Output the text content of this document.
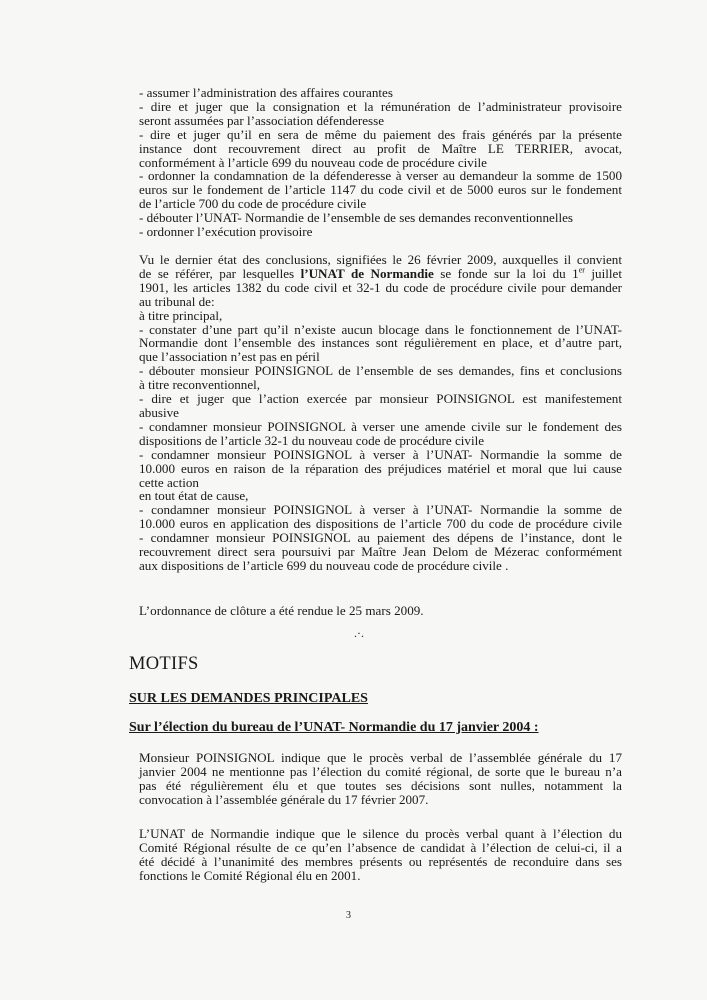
- assumer l’administration des affaires courantes
- dire et juger que la consignation et la rémunération de l’administrateur provisoire
seront assumées par l’association défenderesse
- dire et juger qu’il en sera de même du paiement des frais générés par la présente
instance dont recouvrement direct au profit de Maître LE TERRIER, avocat,
conformément à l’article 699 du nouveau code de procédure civile
- ordonner la condamnation de la défenderesse à verser au demandeur la somme de 1500
euros sur le fondement de l’article 1147 du code civil et de 5000 euros sur le fondement
de l’article 700 du code de procédure civile
- débouter l’UNAT- Normandie de l’ensemble de ses demandes reconventionnelles
- ordonner l’exécution provisoire
Vu le dernier état des conclusions, signifiées le 26 février 2009, auxquelles il convient
de se référer, par lesquelles l’UNAT de Normandie se fonde sur la loi du 1er juillet
1901, les articles 1382 du code civil et 32-1 du code de procédure civile pour demander
au tribunal de:
à titre principal,
- constater d’une part qu’il n’existe aucun blocage dans le fonctionnement de l’UNAT-
Normandie dont l’ensemble des instances sont régulièrement en place, et d’autre part,
que l’association n’est pas en péril
- débouter monsieur POINSIGNOL de l’ensemble de ses demandes, fins et conclusions
à titre reconventionnel,
- dire et juger que l’action exercée par monsieur POINSIGNOL est manifestement
abusive
- condamner monsieur POINSIGNOL à verser une amende civile sur le fondement des
dispositions de l’article 32-1 du nouveau code de procédure civile
- condamner monsieur POINSIGNOL à verser à l’UNAT- Normandie la somme de
10.000 euros en raison de la réparation des préjudices matériel et moral que lui cause
cette action
en tout état de cause,
- condamner monsieur POINSIGNOL à verser à l’UNAT- Normandie la somme de
10.000 euros en application des dispositions de l’article 700 du code de procédure civile
- condamner monsieur POINSIGNOL au paiement des dépens de l’instance, dont le
recouvrement direct sera poursuivi par Maître Jean Delom de Mézerac conformément
aux dispositions de l’article 699 du nouveau code de procédure civile .
L’ordonnance de clôture a été rendue le 25 mars 2009.
.·.
MOTIFS
SUR LES DEMANDES PRINCIPALES
Sur l’élection du bureau de l’UNAT- Normandie du 17 janvier 2004 :
Monsieur POINSIGNOL indique que le procès verbal de l’assemblée générale du 17
janvier 2004 ne mentionne pas l’élection du comité régional, de sorte que le bureau n’a
pas été régulièrement élu et que toutes ses décisions sont nulles, notamment la
convocation à l’assemblée générale du 17 février 2007.
L’UNAT de Normandie indique que le silence du procès verbal quant à l’élection du
Comité Régional résulte de ce qu’en l’absence de candidat à l’élection de celui-ci, il a
été décidé à l’unanimité des membres présents ou représentés de reconduire dans ses
fonctions le Comité Régional élu en 2001.
3
